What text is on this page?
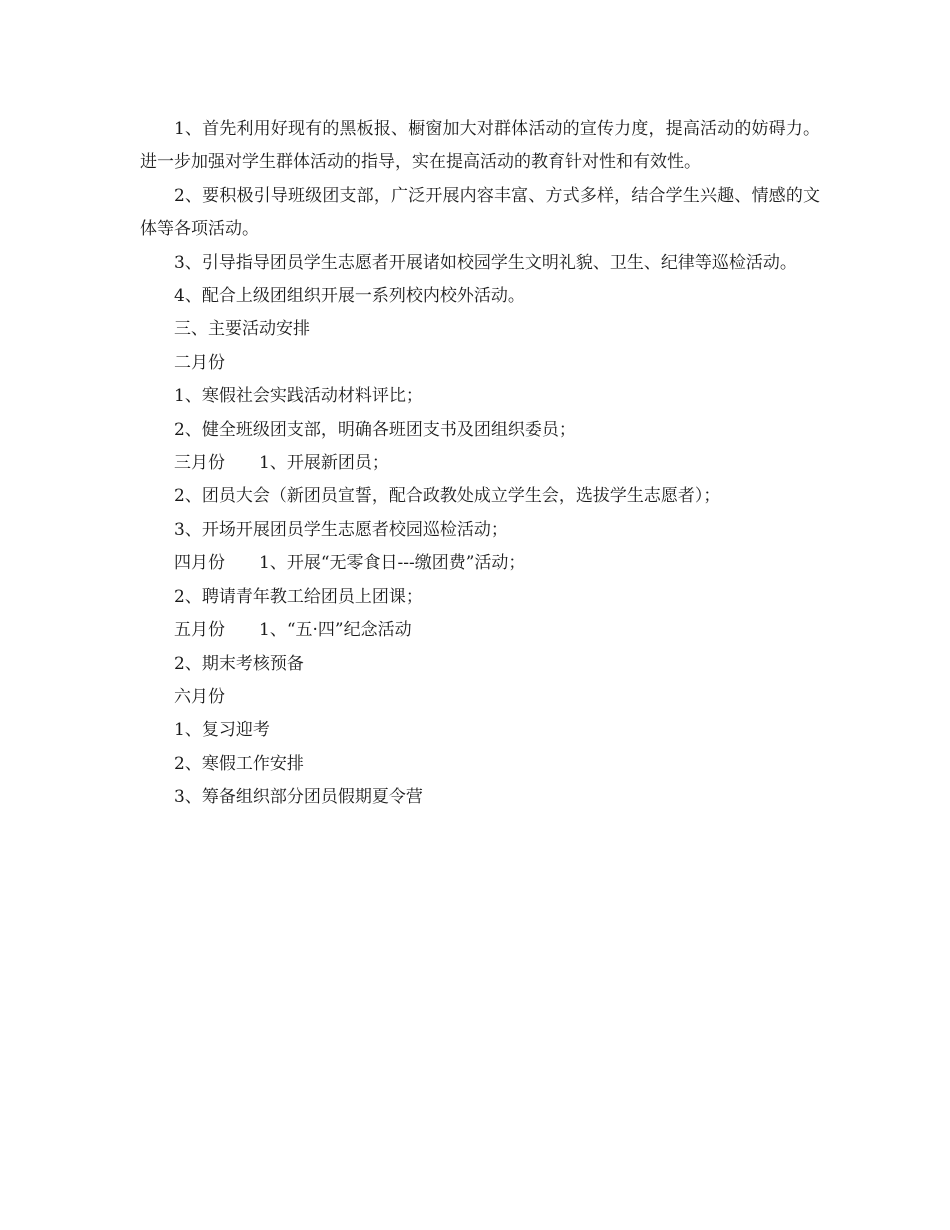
1、首先利用好现有的黑板报、橱窗加大对群体活动的宣传力度，提高活动的妨碍力。进一步加强对学生群体活动的指导，实在提高活动的教育针对性和有效性。

2、要积极引导班级团支部，广泛开展内容丰富、方式多样，结合学生兴趣、情感的文体等各项活动。

3、引导指导团员学生志愿者开展诸如校园学生文明礼貌、卫生、纪律等巡检活动。

4、配合上级团组织开展一系列校内校外活动。

三、主要活动安排

二月份

1、寒假社会实践活动材料评比；

2、健全班级团支部，明确各班团支书及团组织委员；

三月份　　1、开展新团员；

2、团员大会（新团员宣誓，配合政教处成立学生会，选拔学生志愿者）；

3、开场开展团员学生志愿者校园巡检活动；

四月份　　1、开展“无零食日---缴团费”活动；

2、聘请青年教工给团员上团课；

五月份　　1、“五·四”纪念活动

2、期末考核预备

六月份

1、复习迎考

2、寒假工作安排

3、筹备组织部分团员假期夏令营
